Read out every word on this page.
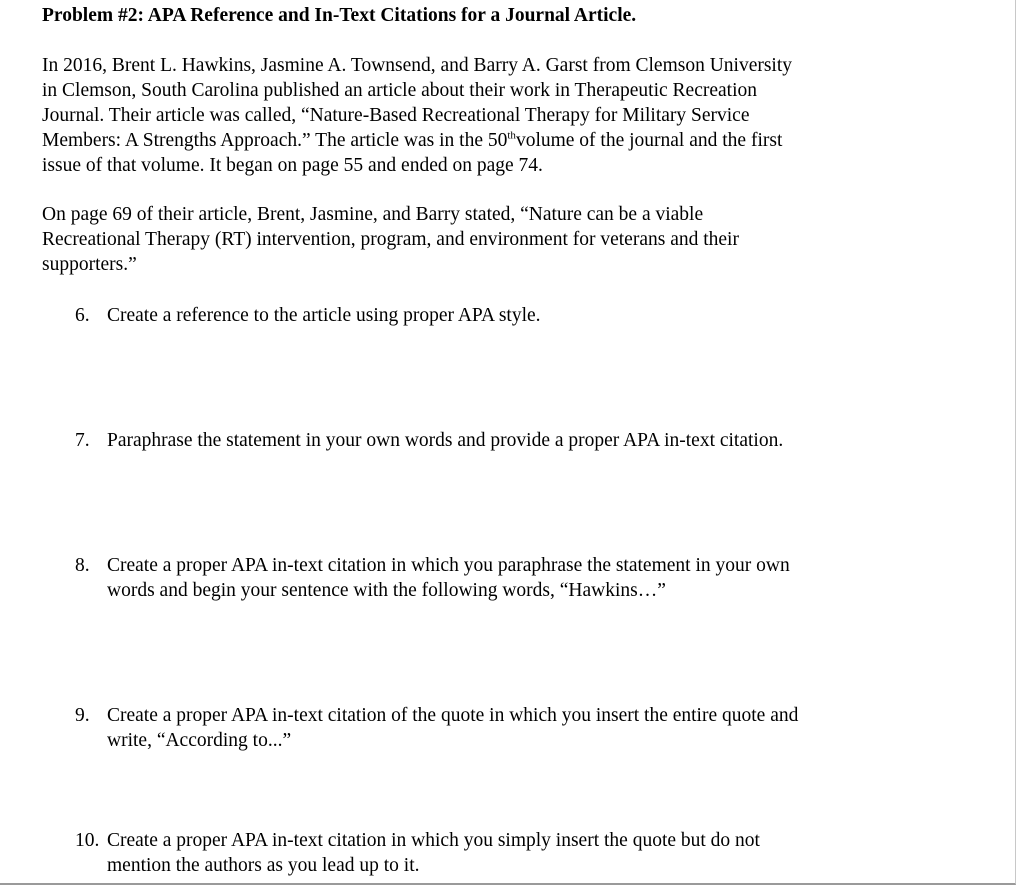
Problem #2: APA Reference and In-Text Citations for a Journal Article.

In 2016, Brent L. Hawkins, Jasmine A. Townsend, and Barry A. Garst from Clemson University
in Clemson, South Carolina published an article about their work in Therapeutic Recreation
Journal. Their article was called, “Nature-Based Recreational Therapy for Military Service
Members: A Strengths Approach.” The article was in the 50thvolume of the journal and the first
issue of that volume. It began on page 55 and ended on page 74.

On page 69 of their article, Brent, Jasmine, and Barry stated, “Nature can be a viable
Recreational Therapy (RT) intervention, program, and environment for veterans and their
supporters.”

6. Create a reference to the article using proper APA style.
7. Paraphrase the statement in your own words and provide a proper APA in-text citation.
8. Create a proper APA in-text citation in which you paraphrase the statement in your own
words and begin your sentence with the following words, “Hawkins…”
9. Create a proper APA in-text citation of the quote in which you insert the entire quote and
write, “According to...”
10. Create a proper APA in-text citation in which you simply insert the quote but do not
mention the authors as you lead up to it.
